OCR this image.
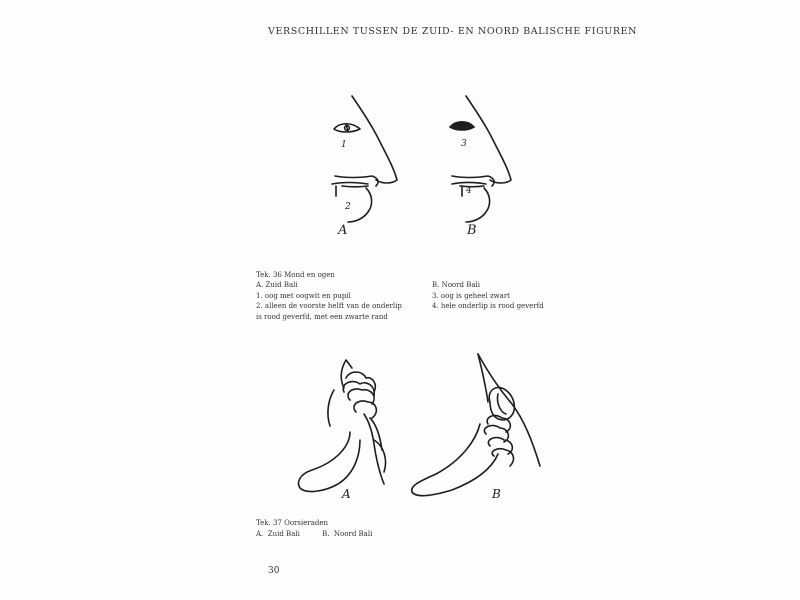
VERSCHILLEN TUSSEN DE ZUID- EN NOORD BALISCHE FIGUREN
1
2
A
3
4
B
Tek. 36 Mond en ogen
A. Zuid Bali
1. oog met oogwit en pupil
2. alleen de voorste helft van de onderlip
is rood geverfd, met een zwarte rand
B. Noord Bali
3. oog is geheel zwart
4. hele onderlip is rood geverfd
A	B
Tek. 37 Oorsieraden
A.  Zuid Bali          B.  Noord Bali
30
